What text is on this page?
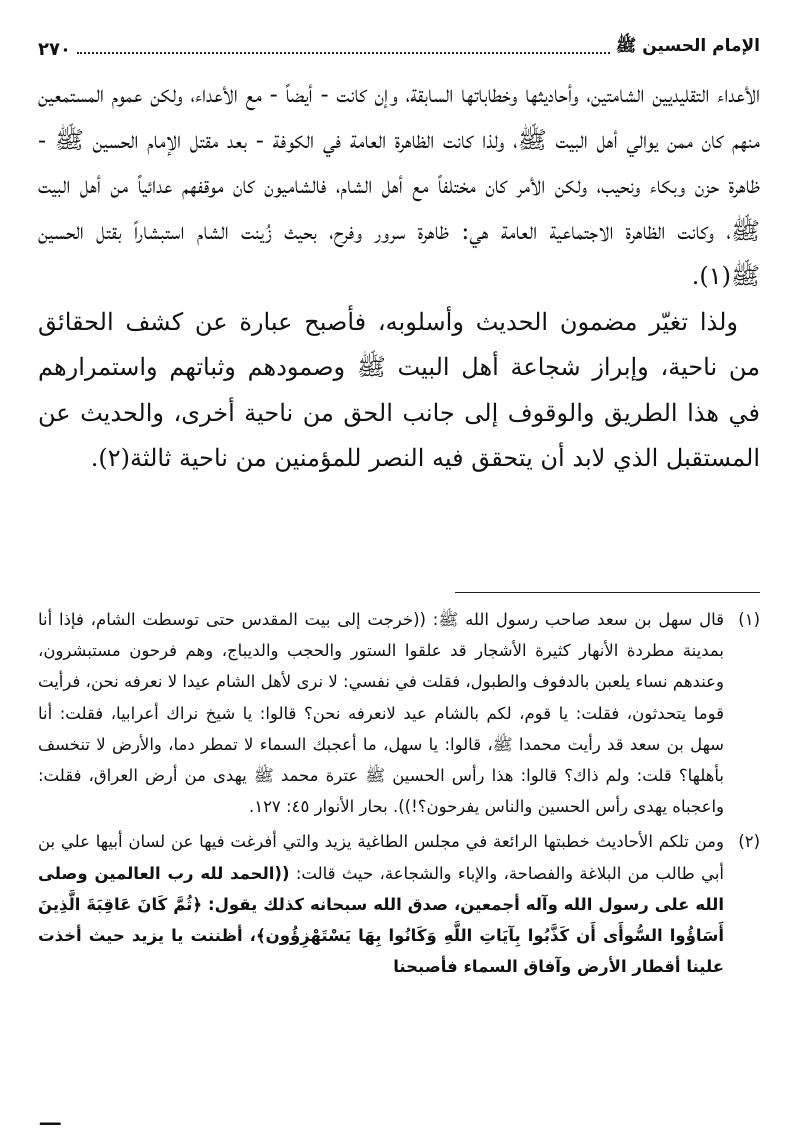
الإمام الحسين ﷺ
٢٧٠

الأعداء التقليديين الشامتين، وأحاديثها وخطاباتها السابقة، وإن كانت - أيضاً - مع الأعداء، ولكن عموم المستمعين منهم كان ممن يوالي أهل البيت ﷺ، ولذا كانت الظاهرة العامة في الكوفة - بعد مقتل الإمام الحسين ﷺ - ظاهرة حزن وبكاء ونحيب، ولكن الأمر كان مختلفاً مع أهل الشام، فالشاميون كان موقفهم عدائياً من أهل البيت ﷺ، وكانت الظاهرة الاجتماعية العامة هي: ظاهرة سرور وفرح، بحيث زُينت الشام استبشاراً بقتل الحسين ﷺ(١).

ولذا تغيّر مضمون الحديث وأسلوبه، فأصبح عبارة عن كشف الحقائق من ناحية، وإبراز شجاعة أهل البيت ﷺ وصمودهم وثباتهم واستمرارهم في هذا الطريق والوقوف إلى جانب الحق من ناحية أخرى، والحديث عن المستقبل الذي لابد أن يتحقق فيه النصر للمؤمنين من ناحية ثالثة(٢).

(١)قال سهل بن سعد صاحب رسول الله ﷺ: ((خرجت إلى بيت المقدس حتى توسطت الشام، فإذا أنا بمدينة مطردة الأنهار كثيرة الأشجار قد علقوا الستور والحجب والديباج، وهم فرحون مستبشرون، وعندهم نساء يلعبن بالدفوف والطبول، فقلت في نفسي: لا نرى لأهل الشام عيدا لا نعرفه نحن، فرأيت قوما يتحدثون، فقلت: يا قوم، لكم بالشام عيد لانعرفه نحن؟ قالوا: يا شيخ نراك أعرابيا، فقلت: أنا سهل بن سعد قد رأيت محمدا ﷺ، قالوا: يا سهل، ما أعجبك السماء لا تمطر دما، والأرض لا تنخسف بأهلها؟ قلت: ولم ذاك؟ قالوا: هذا رأس الحسين ﷺ عترة محمد ﷺ يهدى من أرض العراق، فقلت: واعجباه يهدى رأس الحسين والناس يفرحون؟!)). بحار الأنوار ٤٥: ١٢٧.

(٢)ومن تلكم الأحاديث خطبتها الرائعة في مجلس الطاغية يزيد والتي أفرغت فيها عن لسان أبيها علي بن أبي طالب من البلاغة والفصاحة، والإباء والشجاعة، حيث قالت: ((الحمد لله رب العالمين وصلى الله على رسول الله وآله أجمعين، صدق الله سبحانه كذلك يقول: ﴿ثُمَّ كَانَ عَاقِبَةَ الَّذِينَ أَسَاؤُوا السُّوأَى أَن كَذَّبُوا بِآيَاتِ اللَّهِ وَكَانُوا بِهَا يَسْتَهْزِؤُون﴾، أظننت يا يزيد حيث أخذت علينا أقطار الأرض وآفاق السماء فأصبحنا

ـــ
